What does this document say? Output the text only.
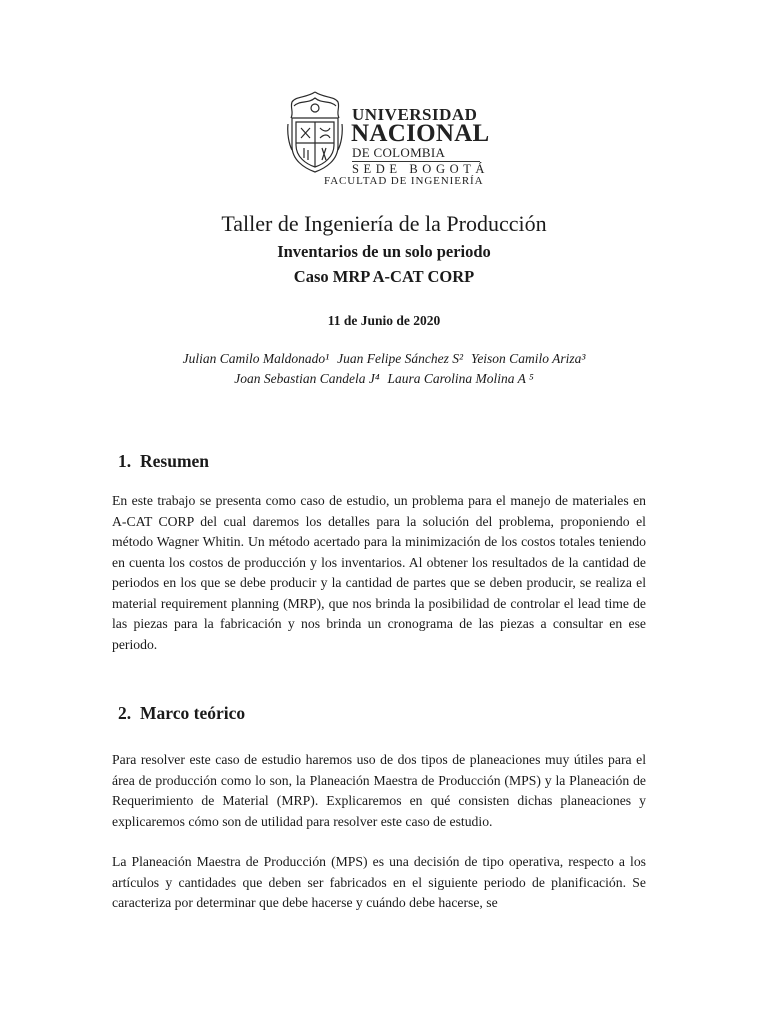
UNIVERSIDAD
NACIONAL
DE COLOMBIA
SEDE BOGOTÁ
FACULTAD DE INGENIERÍA
Taller de Ingeniería de la Producción
Inventarios de un solo periodo
Caso MRP A-CAT CORP
11 de Junio de 2020
Julian Camilo Maldonado¹ Juan Felipe Sánchez S² Yeison Camilo Ariza³
Joan Sebastian Candela J⁴ Laura Carolina Molina A ⁵
1. Resumen

En este trabajo se presenta como caso de estudio, un problema para el manejo de materiales en A-CAT CORP del cual daremos los detalles para la solución del problema, proponiendo el método Wagner Whitin. Un método acertado para la minimización de los costos totales teniendo en cuenta los costos de producción y los inventarios. Al obtener los resultados de la cantidad de periodos en los que se debe producir y la cantidad de partes que se deben producir, se realiza el material requirement planning (MRP), que nos brinda la posibilidad de controlar el lead time de las piezas para la fabricación y nos brinda un cronograma de las piezas a consultar en ese periodo.

2. Marco teórico

Para resolver este caso de estudio haremos uso de dos tipos de planeaciones muy útiles para el área de producción como lo son, la Planeación Maestra de Producción (MPS) y la Planeación de Requerimiento de Material (MRP). Explicaremos en qué consisten dichas planeaciones y explicaremos cómo son de utilidad para resolver este caso de estudio.

La Planeación Maestra de Producción (MPS) es una decisión de tipo operativa, respecto a los artículos y cantidades que deben ser fabricados en el siguiente periodo de planificación. Se caracteriza por determinar que debe hacerse y cuándo debe hacerse, se
